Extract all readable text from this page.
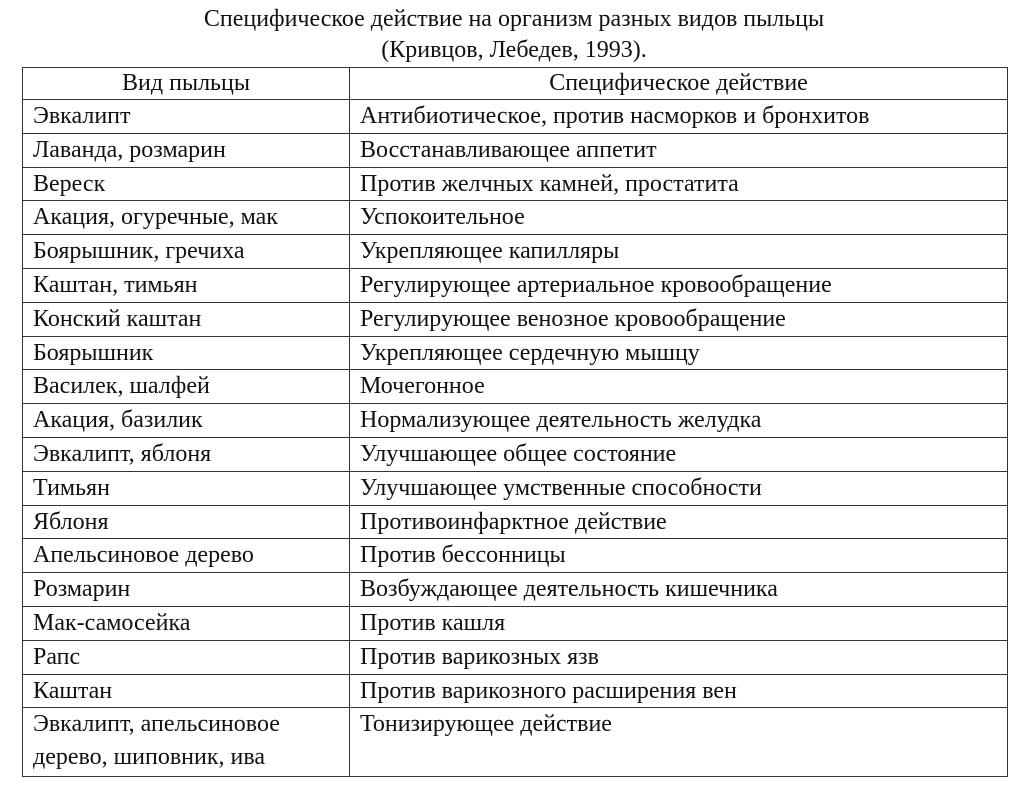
Специфическое действие на организм разных видов пыльцы
(Кривцов, Лебедев, 1993).
Вид пыльцы	Специфическое действие
Эвкалипт	Антибиотическое, против насморков и бронхитов
Лаванда, розмарин	Восстанавливающее аппетит
Вереск	Против желчных камней, простатита
Акация, огуречные, мак	Успокоительное
Боярышник, гречиха	Укрепляющее капилляры
Каштан, тимьян	Регулирующее артериальное кровообращение
Конский каштан	Регулирующее венозное кровообращение
Боярышник	Укрепляющее сердечную мышцу
Василек, шалфей	Мочегонное
Акация, базилик	Нормализующее деятельность желудка
Эвкалипт, яблоня	Улучшающее общее состояние
Тимьян	Улучшающее умственные способности
Яблоня	Противоинфарктное действие
Апельсиновое дерево	Против бессонницы
Розмарин	Возбуждающее деятельность кишечника
Мак-самосейка	Против кашля
Рапс	Против варикозных язв
Каштан	Против варикозного расширения вен
Эвкалипт, апельсиновое дерево, шиповник, ива	Тонизирующее действие
